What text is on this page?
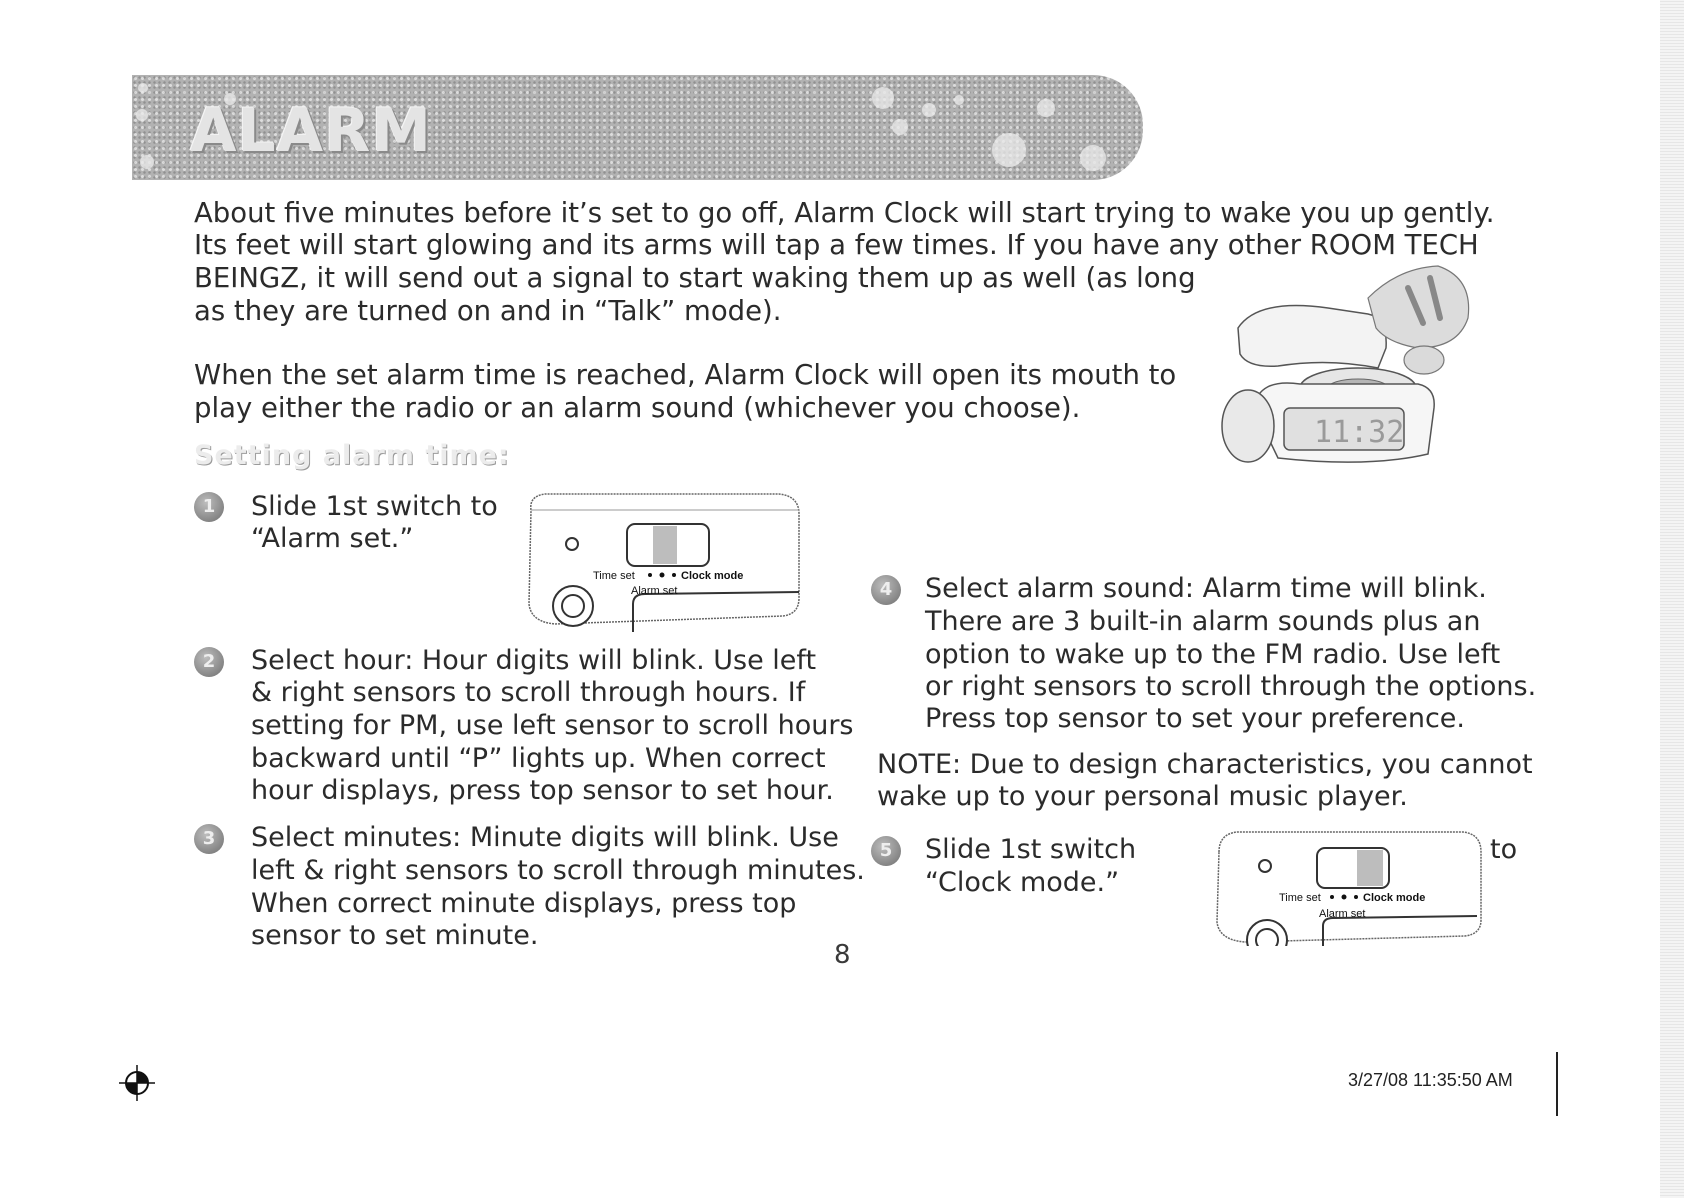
ALARM
About five minutes before it’s set to go off, Alarm Clock will start trying to wake you up gently.
Its feet will start glowing and its arms will tap a few times. If you have any other ROOM TECH
BEINGZ, it will send out a signal to start waking them up as well (as long
as they are turned on and in “Talk” mode).
When the set alarm time is reached, Alarm Clock will open its mouth to
play either the radio or an alarm sound (whichever you choose).
11:32
Setting alarm time:
1	Slide 1st switch to
“Alarm set.”
Time set	Clock mode
Alarm set
2	Select hour: Hour digits will blink. Use left
& right sensors to scroll through hours. If
setting for PM, use left sensor to scroll hours
backward until “P” lights up. When correct
hour displays, press top sensor to set hour.
3	Select minutes: Minute digits will blink. Use
left & right sensors to scroll through minutes.
When correct minute displays, press top
sensor to set minute.
4	Select alarm sound: Alarm time will blink.
There are 3 built-in alarm sounds plus an
option to wake up to the FM radio. Use left
or right sensors to scroll through the options.
Press top sensor to set your preference.
NOTE: Due to design characteristics, you cannot
wake up to your personal music player.
5	Slide 1st switch
“Clock mode.”
to
Time set	Clock mode
Alarm set
8
3/27/08 11:35:50 AM
